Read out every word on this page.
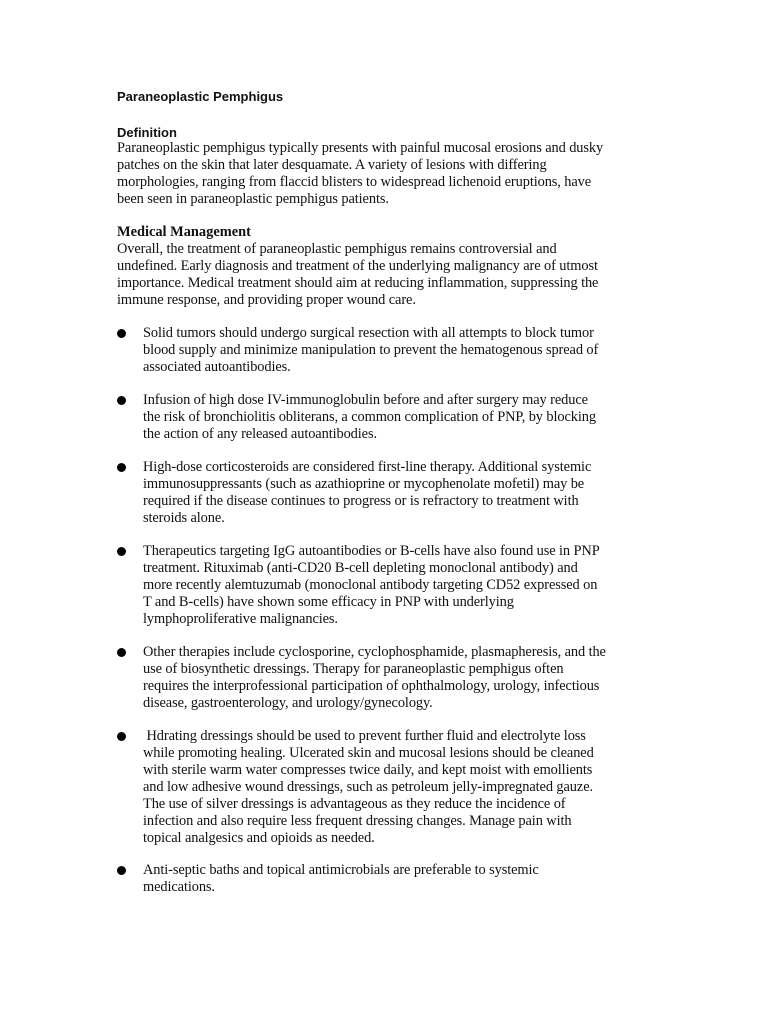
Paraneoplastic Pemphigus
Definition
Paraneoplastic pemphigus typically presents with painful mucosal erosions and dusky
patches on the skin that later desquamate. A variety of lesions with differing
morphologies, ranging from flaccid blisters to widespread lichenoid eruptions, have
been seen in paraneoplastic pemphigus patients.
Medical Management
Overall, the treatment of paraneoplastic pemphigus remains controversial and
undefined. Early diagnosis and treatment of the underlying malignancy are of utmost
importance. Medical treatment should aim at reducing inflammation, suppressing the
immune response, and providing proper wound care.
Solid tumors should undergo surgical resection with all attempts to block tumor
blood supply and minimize manipulation to prevent the hematogenous spread of
associated autoantibodies.
Infusion of high dose IV-immunoglobulin before and after surgery may reduce
the risk of bronchiolitis obliterans, a common complication of PNP, by blocking
the action of any released autoantibodies.
High-dose corticosteroids are considered first-line therapy. Additional systemic
immunosuppressants (such as azathioprine or mycophenolate mofetil) may be
required if the disease continues to progress or is refractory to treatment with
steroids alone.
Therapeutics targeting IgG autoantibodies or B-cells have also found use in PNP
treatment. Rituximab (anti-CD20 B-cell depleting monoclonal antibody) and
more recently alemtuzumab (monoclonal antibody targeting CD52 expressed on
T and B-cells) have shown some efficacy in PNP with underlying
lymphoproliferative malignancies.
Other therapies include cyclosporine, cyclophosphamide, plasmapheresis, and the
use of biosynthetic dressings. Therapy for paraneoplastic pemphigus often
requires the interprofessional participation of ophthalmology, urology, infectious
disease, gastroenterology, and urology/gynecology.
Hdrating dressings should be used to prevent further fluid and electrolyte loss
while promoting healing. Ulcerated skin and mucosal lesions should be cleaned
with sterile warm water compresses twice daily, and kept moist with emollients
and low adhesive wound dressings, such as petroleum jelly-impregnated gauze.
The use of silver dressings is advantageous as they reduce the incidence of
infection and also require less frequent dressing changes. Manage pain with
topical analgesics and opioids as needed.
Anti-septic baths and topical antimicrobials are preferable to systemic
medications.
